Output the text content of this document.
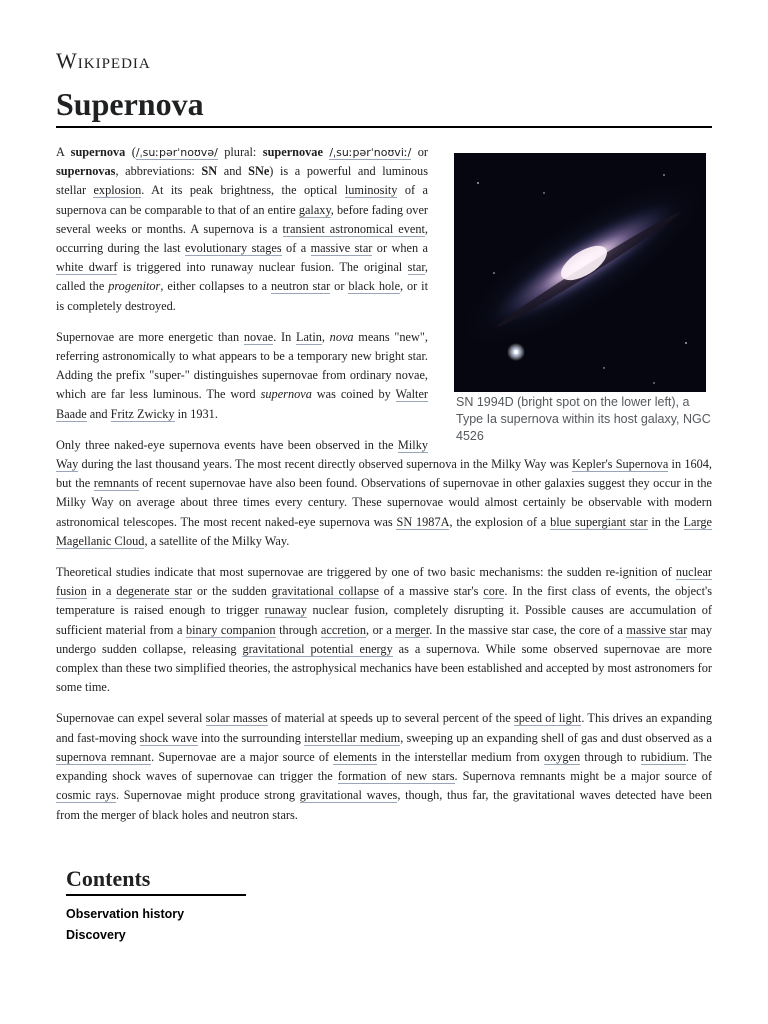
Wikipedia
Supernova
SN 1994D (bright spot on the lower left), a Type Ia supernova within its host galaxy, NGC 4526

A supernova (/ˌsuːpərˈnoʊvə/ plural: supernovae /ˌsuːpərˈnoʊviː/ or supernovas, abbreviations: SN and SNe) is a powerful and luminous stellar explosion. At its peak brightness, the optical luminosity of a supernova can be comparable to that of an entire galaxy, before fading over several weeks or months. A supernova is a transient astronomical event, occurring during the last evolutionary stages of a massive star or when a white dwarf is triggered into runaway nuclear fusion. The original star, called the progenitor, either collapses to a neutron star or black hole, or it is completely destroyed.

Supernovae are more energetic than novae. In Latin, nova means "new", referring astronomically to what appears to be a temporary new bright star. Adding the prefix "super-" distinguishes supernovae from ordinary novae, which are far less luminous. The word supernova was coined by Walter Baade and Fritz Zwicky in 1931.

Only three naked-eye supernova events have been observed in the Milky Way during the last thousand years. The most recent directly observed supernova in the Milky Way was Kepler's Supernova in 1604, but the remnants of recent supernovae have also been found. Observations of supernovae in other galaxies suggest they occur in the Milky Way on average about three times every century. These supernovae would almost certainly be observable with modern astronomical telescopes. The most recent naked-eye supernova was SN 1987A, the explosion of a blue supergiant star in the Large Magellanic Cloud, a satellite of the Milky Way.

Theoretical studies indicate that most supernovae are triggered by one of two basic mechanisms: the sudden re-ignition of nuclear fusion in a degenerate star or the sudden gravitational collapse of a massive star's core. In the first class of events, the object's temperature is raised enough to trigger runaway nuclear fusion, completely disrupting it. Possible causes are accumulation of sufficient material from a binary companion through accretion, or a merger. In the massive star case, the core of a massive star may undergo sudden collapse, releasing gravitational potential energy as a supernova. While some observed supernovae are more complex than these two simplified theories, the astrophysical mechanics have been established and accepted by most astronomers for some time.

Supernovae can expel several solar masses of material at speeds up to several percent of the speed of light. This drives an expanding and fast-moving shock wave into the surrounding interstellar medium, sweeping up an expanding shell of gas and dust observed as a supernova remnant. Supernovae are a major source of elements in the interstellar medium from oxygen through to rubidium. The expanding shock waves of supernovae can trigger the formation of new stars. Supernova remnants might be a major source of cosmic rays. Supernovae might produce strong gravitational waves, though, thus far, the gravitational waves detected have been from the merger of black holes and neutron stars.

Contents
Observation history
Discovery
